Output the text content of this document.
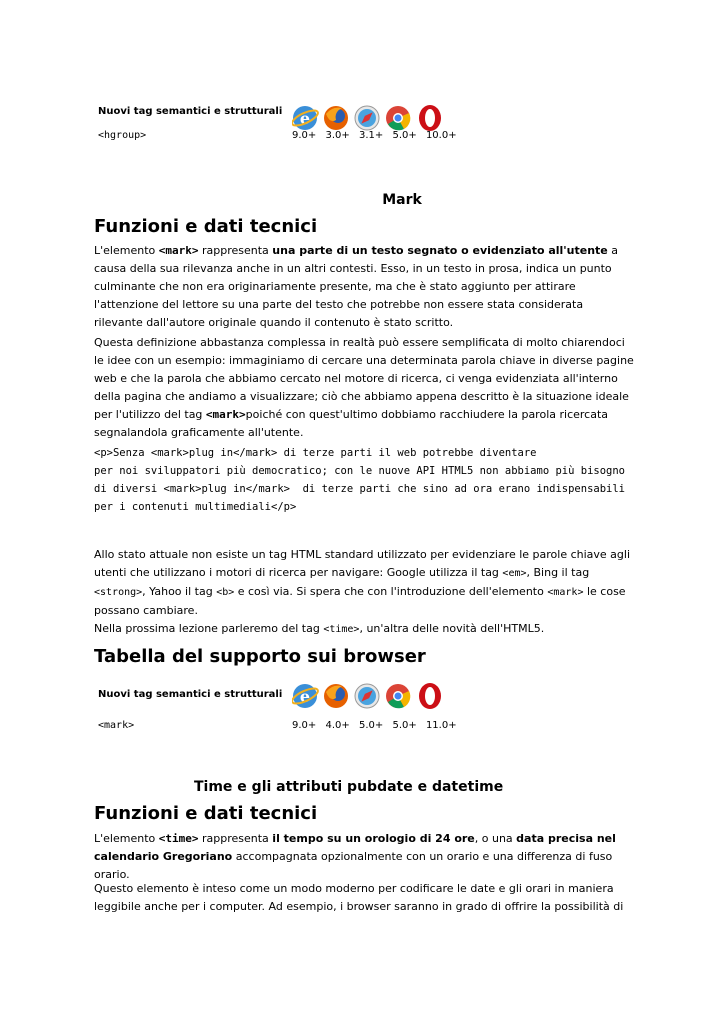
Nuovi tag semantici e strutturali
<hgroup>
e
9.0+ 3.0+ 3.1+ 5.0+ 10.0+
Mark
Funzioni e dati tecnici

L'elemento <mark> rappresenta una parte di un testo segnato o evidenziato all'utente a causa della sua rilevanza anche in un altri contesti. Esso, in un testo in prosa, indica un punto culminante che non era originariamente presente, ma che è stato aggiunto per attirare l'attenzione del lettore su una parte del testo che potrebbe non essere stata considerata rilevante dall'autore originale quando il contenuto è stato scritto.

Questa definizione abbastanza complessa in realtà può essere semplificata di molto chiarendoci le idee con un esempio: immaginiamo di cercare una determinata parola chiave in diverse pagine web e che la parola che abbiamo cercato nel motore di ricerca, ci venga evidenziata all'interno della pagina che andiamo a visualizzare; ciò che abbiamo appena descritto è la situazione ideale per l'utilizzo del tag <mark>poiché con quest'ultimo dobbiamo racchiudere la parola ricercata segnalandola graficamente all'utente.

<p>Senza <mark>plug in</mark> di terze parti il web potrebbe diventare
per noi sviluppatori più democratico; con le nuove API HTML5 non abbiamo più bisogno
di diversi <mark>plug in</mark>  di terze parti che sino ad ora erano indispensabili
per i contenuti multimediali</p>

Allo stato attuale non esiste un tag HTML standard utilizzato per evidenziare le parole chiave agli utenti che utilizzano i motori di ricerca per navigare: Google utilizza il tag <em>, Bing il tag <strong>, Yahoo il tag <b> e così via. Si spera che con l'introduzione dell'elemento <mark> le cose possano cambiare.

Nella prossima lezione parleremo del tag <time>, un'altra delle novità dell'HTML5.

Tabella del supporto sui browser
Nuovi tag semantici e strutturali
<mark>
e
9.0+ 4.0+ 5.0+ 5.0+ 11.0+
Time e gli attributi pubdate e datetime
Funzioni e dati tecnici

L'elemento <time> rappresenta il tempo su un orologio di 24 ore, o una data precisa nel calendario Gregoriano accompagnata opzionalmente con un orario e una differenza di fuso orario.

Questo elemento è inteso come un modo moderno per codificare le date e gli orari in maniera leggibile anche per i computer. Ad esempio, i browser saranno in grado di offrire la possibilità di
